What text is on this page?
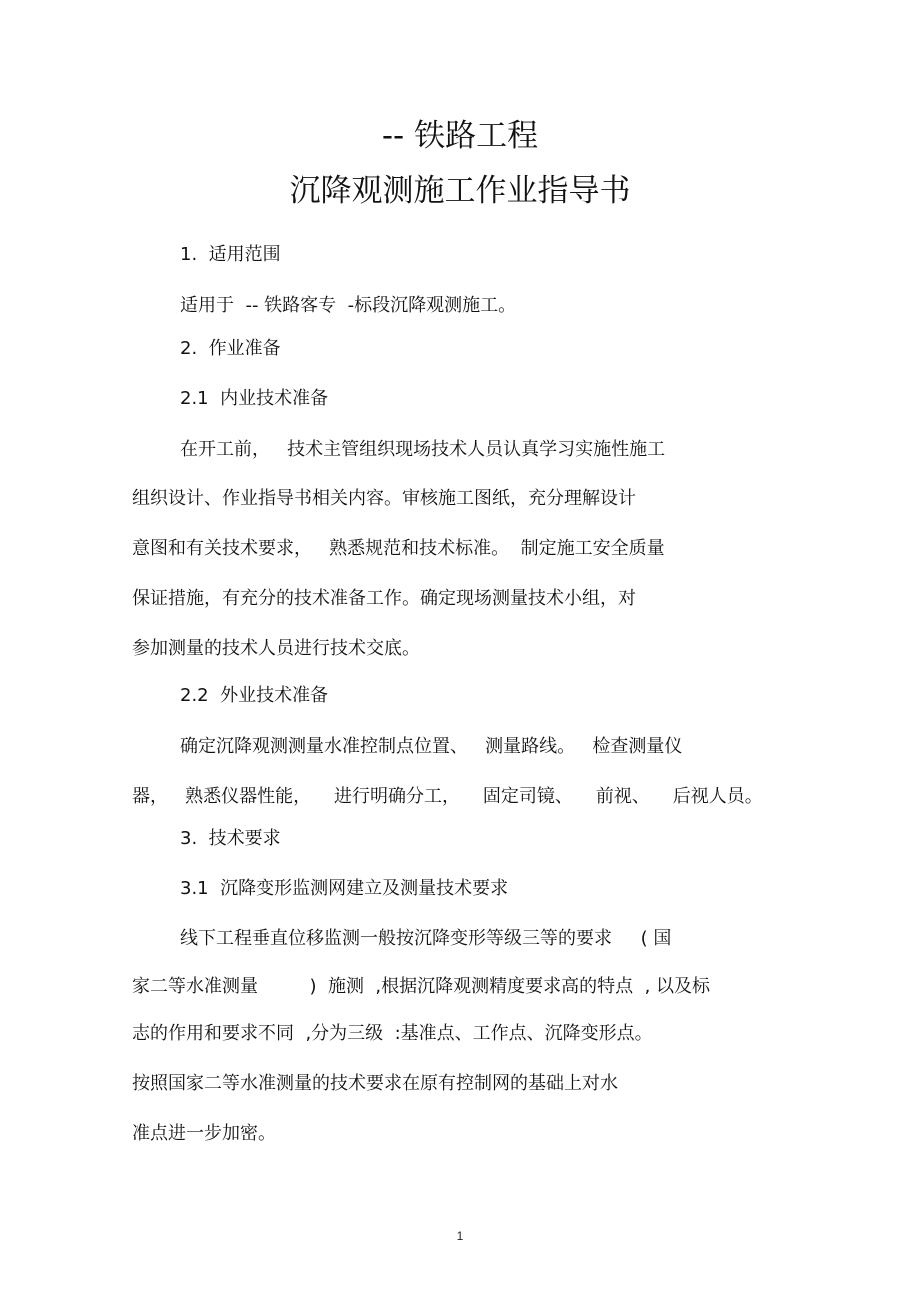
-- 铁路工程
沉降观测施工作业指导书
1.  适用范围
适用于  -- 铁路客专  -标段沉降观测施工。
2.  作业准备
2.1  内业技术准备
在开工前，   技术主管组织现场技术人员认真学习实施性施工
组织设计、作业指导书相关内容。审核施工图纸，充分理解设计
意图和有关技术要求，   熟悉规范和技术标准。  制定施工安全质量
保证措施，有充分的技术准备工作。确定现场测量技术小组，对
参加测量的技术人员进行技术交底。
2.2  外业技术准备
确定沉降观测测量水准控制点位置、   测量路线。   检查测量仪
器，   熟悉仪器性能，    进行明确分工，    固定司镜、    前视、    后视人员。
3.  技术要求
3.1  沉降变形监测网建立及测量技术要求
线下工程垂直位移监测一般按沉降变形等级三等的要求     ( 国
家二等水准测量         )  施测  ,根据沉降观测精度要求高的特点  , 以及标
志的作用和要求不同  ,分为三级  :基准点、工作点、沉降变形点。
按照国家二等水准测量的技术要求在原有控制网的基础上对水
准点进一步加密。
1
